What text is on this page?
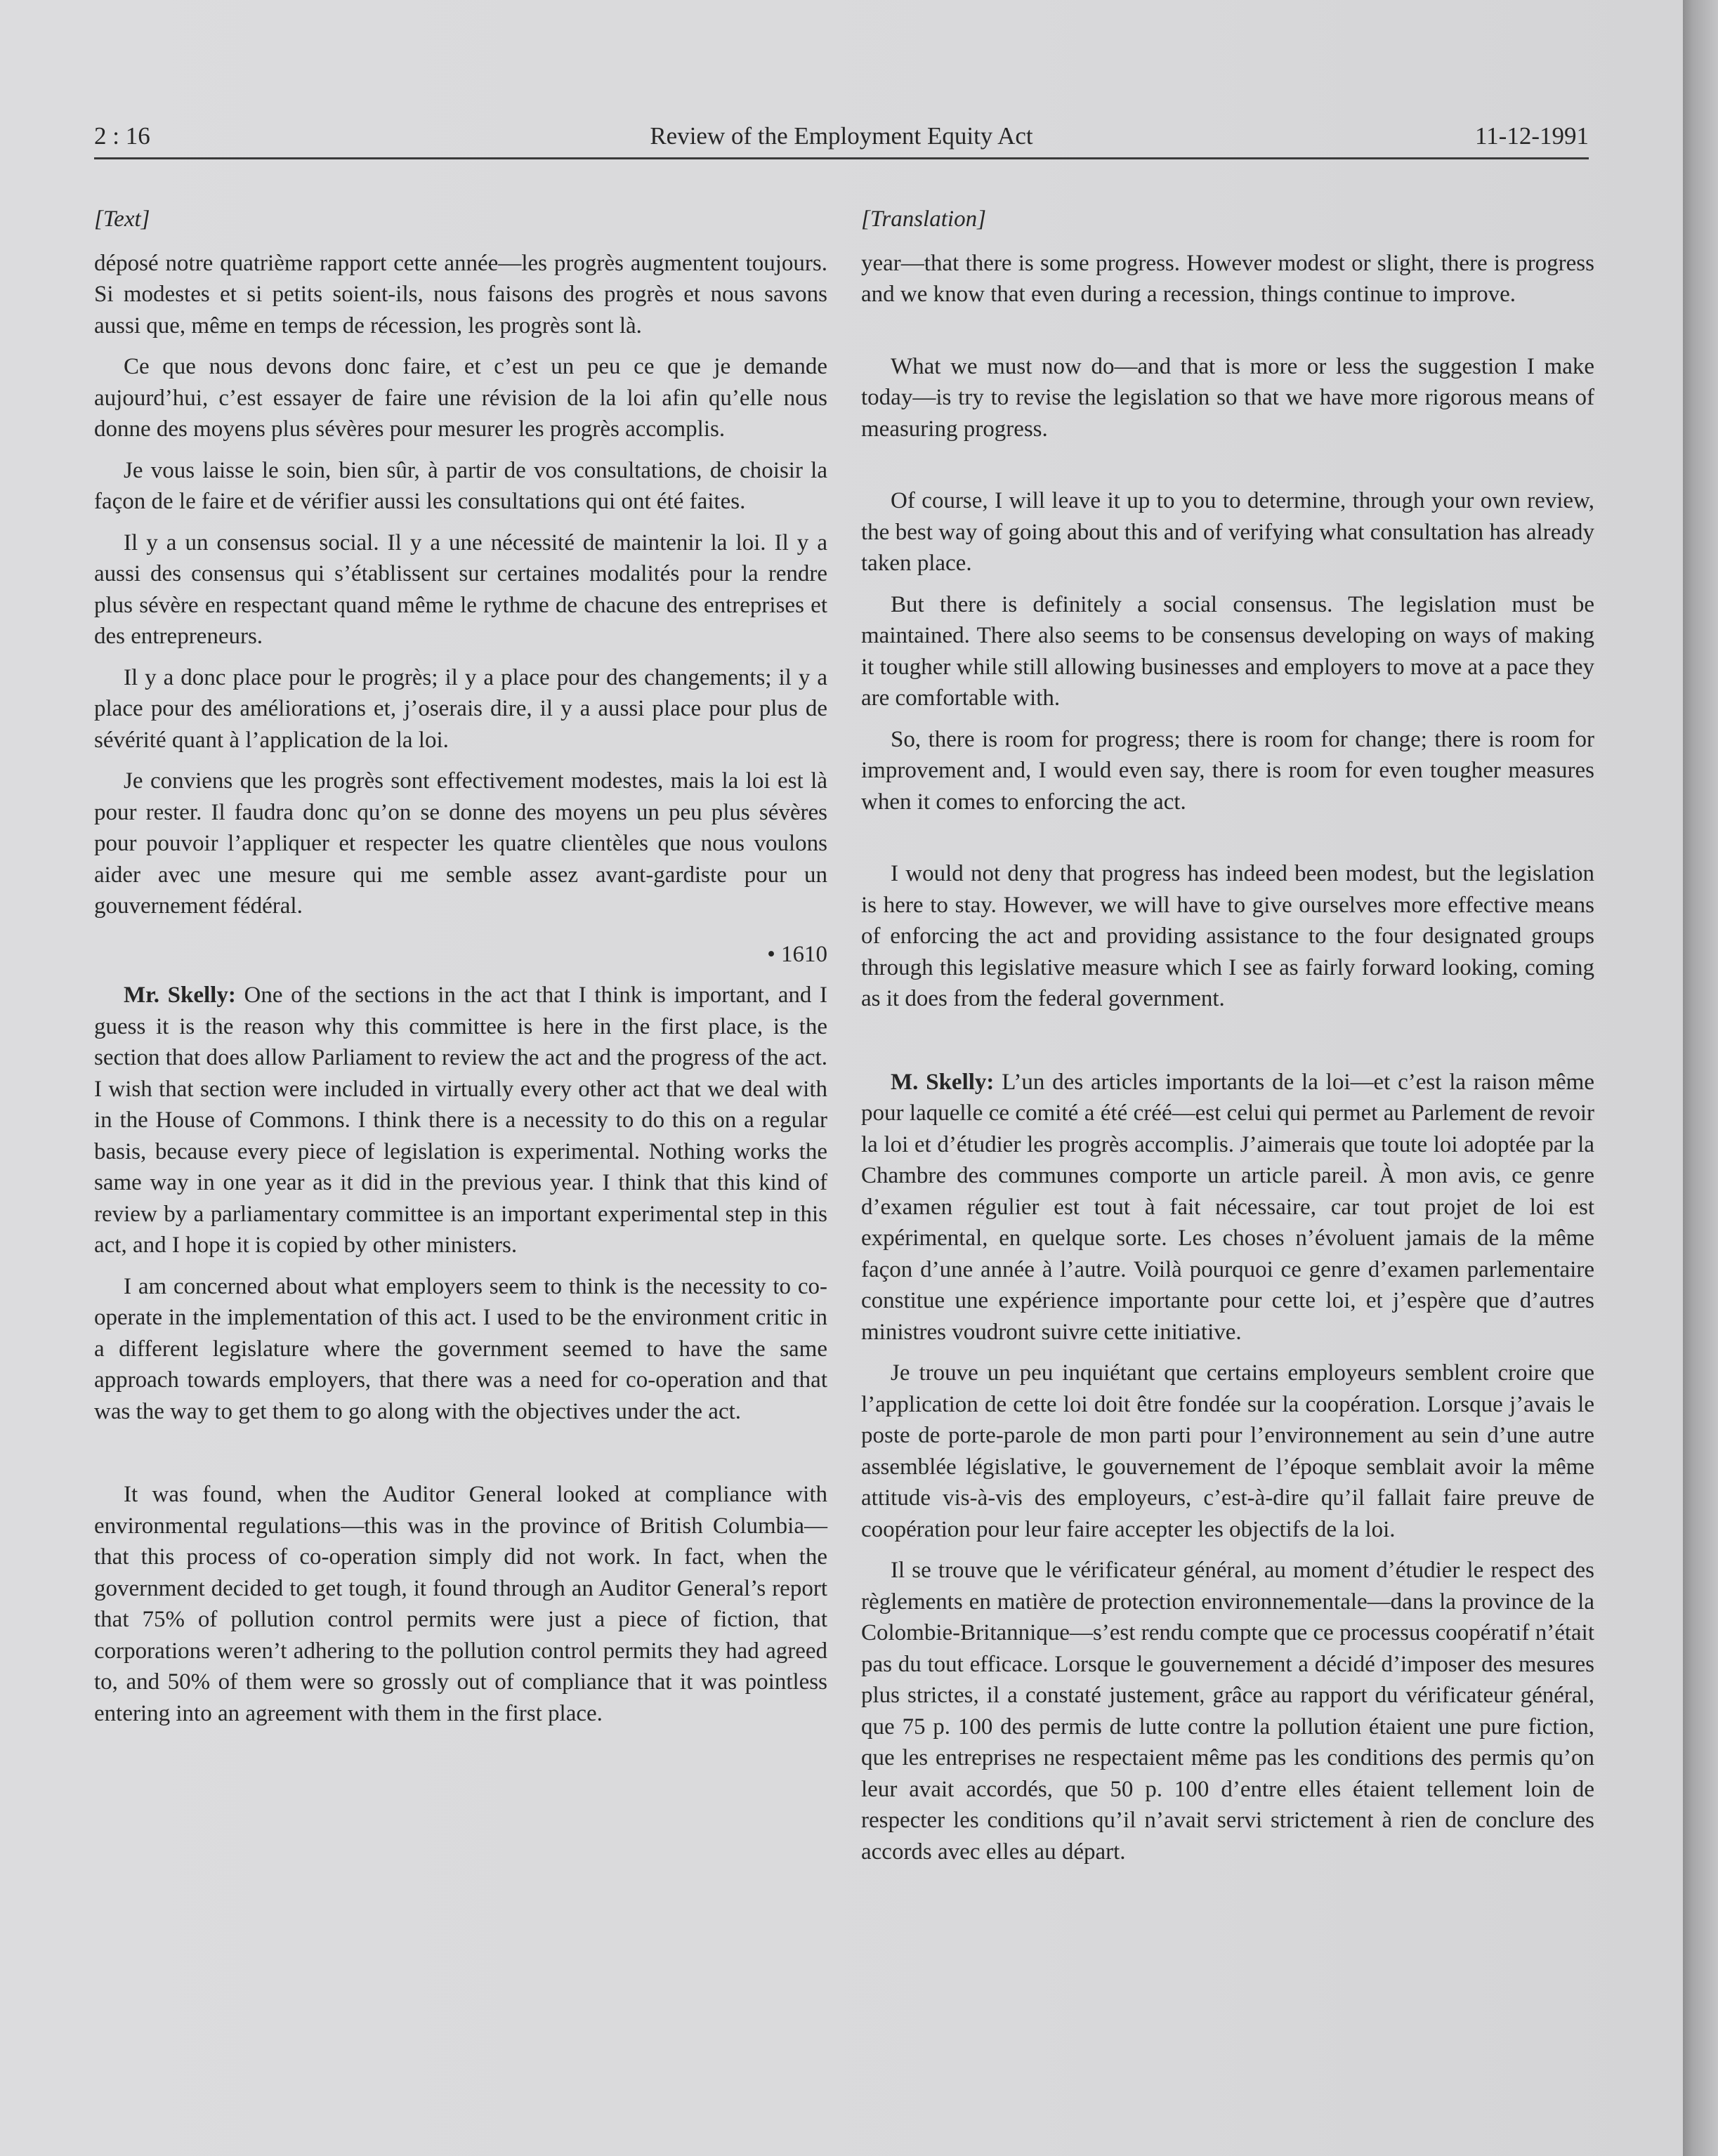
2 : 16	Review of the Employment Equity Act	11-12-1991

[Text]

déposé notre quatrième rapport cette année—les progrès augmentent toujours. Si modestes et si petits soient-ils, nous faisons des progrès et nous savons aussi que, même en temps de récession, les progrès sont là.

Ce que nous devons donc faire, et c’est un peu ce que je demande aujourd’hui, c’est essayer de faire une révision de la loi afin qu’elle nous donne des moyens plus sévères pour mesurer les progrès accomplis.

Je vous laisse le soin, bien sûr, à partir de vos consultations, de choisir la façon de le faire et de vérifier aussi les consultations qui ont été faites.

Il y a un consensus social. Il y a une nécessité de maintenir la loi. Il y a aussi des consensus qui s’établissent sur certaines modalités pour la rendre plus sévère en respectant quand même le rythme de chacune des entreprises et des entrepreneurs.

Il y a donc place pour le progrès; il y a place pour des changements; il y a place pour des améliorations et, j’oserais dire, il y a aussi place pour plus de sévérité quant à l’application de la loi.

Je conviens que les progrès sont effectivement modestes, mais la loi est là pour rester. Il faudra donc qu’on se donne des moyens un peu plus sévères pour pouvoir l’appliquer et respecter les quatre clientèles que nous voulons aider avec une mesure qui me semble assez avant-gardiste pour un gouvernement fédéral.

• 1610

Mr. Skelly: One of the sections in the act that I think is important, and I guess it is the reason why this committee is here in the first place, is the section that does allow Parliament to review the act and the progress of the act. I wish that section were included in virtually every other act that we deal with in the House of Commons. I think there is a necessity to do this on a regular basis, because every piece of legislation is experimental. Nothing works the same way in one year as it did in the previous year. I think that this kind of review by a parliamentary committee is an important experimental step in this act, and I hope it is copied by other ministers.

I am concerned about what employers seem to think is the necessity to co-operate in the implementation of this act. I used to be the environment critic in a different legislature where the government seemed to have the same approach towards employers, that there was a need for co-operation and that was the way to get them to go along with the objectives under the act.

It was found, when the Auditor General looked at compliance with environmental regulations—this was in the province of British Columbia—that this process of co-operation simply did not work. In fact, when the government decided to get tough, it found through an Auditor General’s report that 75% of pollution control permits were just a piece of fiction, that corporations weren’t adhering to the pollution control permits they had agreed to, and 50% of them were so grossly out of compliance that it was pointless entering into an agreement with them in the first place.

[Translation]

year—that there is some progress. However modest or slight, there is progress and we know that even during a recession, things continue to improve.

What we must now do—and that is more or less the suggestion I make today—is try to revise the legislation so that we have more rigorous means of measuring progress.

Of course, I will leave it up to you to determine, through your own review, the best way of going about this and of verifying what consultation has already taken place.

But there is definitely a social consensus. The legislation must be maintained. There also seems to be consensus developing on ways of making it tougher while still allowing businesses and employers to move at a pace they are comfortable with.

So, there is room for progress; there is room for change; there is room for improvement and, I would even say, there is room for even tougher measures when it comes to enforcing the act.

I would not deny that progress has indeed been modest, but the legislation is here to stay. However, we will have to give ourselves more effective means of enforcing the act and providing assistance to the four designated groups through this legislative measure which I see as fairly forward looking, coming as it does from the federal government.

M. Skelly: L’un des articles importants de la loi—et c’est la raison même pour laquelle ce comité a été créé—est celui qui permet au Parlement de revoir la loi et d’étudier les progrès accomplis. J’aimerais que toute loi adoptée par la Chambre des communes comporte un article pareil. À mon avis, ce genre d’examen régulier est tout à fait nécessaire, car tout projet de loi est expérimental, en quelque sorte. Les choses n’évoluent jamais de la même façon d’une année à l’autre. Voilà pourquoi ce genre d’examen parlementaire constitue une expérience importante pour cette loi, et j’espère que d’autres ministres voudront suivre cette initiative.

Je trouve un peu inquiétant que certains employeurs semblent croire que l’application de cette loi doit être fondée sur la coopération. Lorsque j’avais le poste de porte-parole de mon parti pour l’environnement au sein d’une autre assemblée législative, le gouvernement de l’époque semblait avoir la même attitude vis-à-vis des employeurs, c’est-à-dire qu’il fallait faire preuve de coopération pour leur faire accepter les objectifs de la loi.

Il se trouve que le vérificateur général, au moment d’étudier le respect des règlements en matière de protection environnementale—dans la province de la Colombie-Britannique—s’est rendu compte que ce processus coopératif n’était pas du tout efficace. Lorsque le gouvernement a décidé d’imposer des mesures plus strictes, il a constaté justement, grâce au rapport du vérificateur général, que 75 p. 100 des permis de lutte contre la pollution étaient une pure fiction, que les entreprises ne respectaient même pas les conditions des permis qu’on leur avait accordés, que 50 p. 100 d’entre elles étaient tellement loin de respecter les conditions qu’il n’avait servi strictement à rien de conclure des accords avec elles au départ.
